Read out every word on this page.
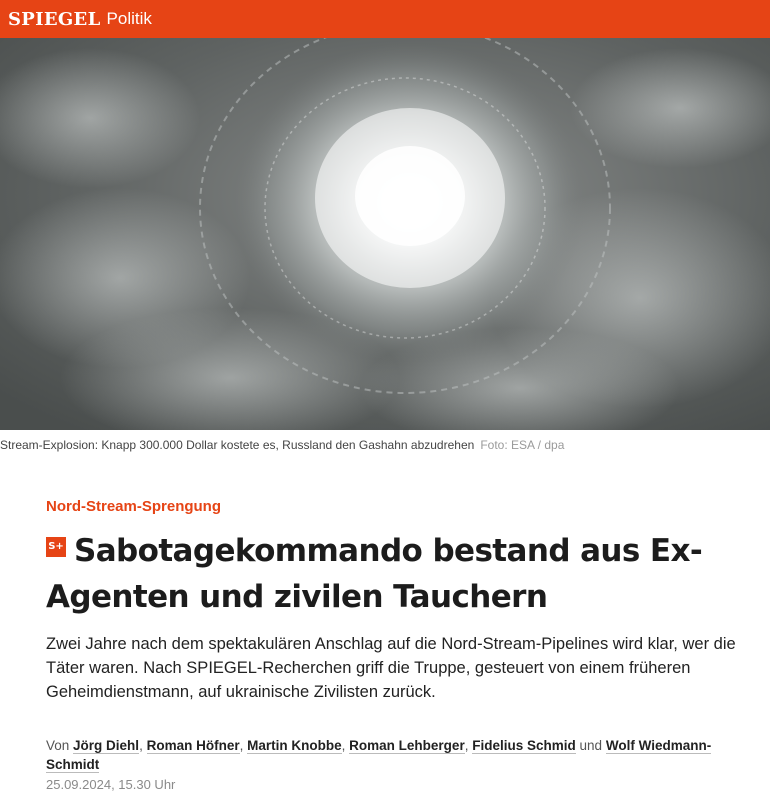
SPIEGEL Politik
Stream-Explosion: Knapp 300.000 Dollar kostete es, Russland den Gashahn abzudrehen Foto: ESA / dpa
Nord-Stream-Sprengung
S+ Sabotagekommando bestand aus Ex-Agenten und zivilen Tauchern
Zwei Jahre nach dem spektakulären Anschlag auf die Nord-Stream-Pipelines wird klar, wer die Täter waren. Nach SPIEGEL-Recherchen griff die Truppe, gesteuert von einem früheren Geheimdienstmann, auf ukrainische Zivilisten zurück.
Von Jörg Diehl, Roman Höfner, Martin Knobbe, Roman Lehberger, Fidelius Schmid und Wolf Wiedmann-Schmidt
25.09.2024, 15.30 Uhr
